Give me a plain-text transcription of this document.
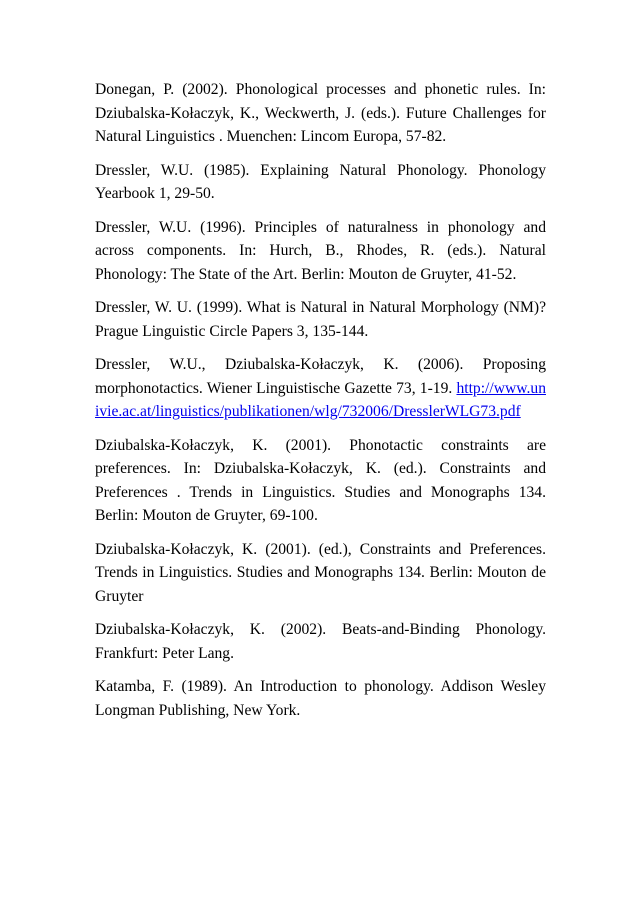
Donegan, P. (2002). Phonological processes and phonetic rules. In: Dziubalska-Kołaczyk, K., Weckwerth, J. (eds.). Future Challenges for Natural Linguistics . Muenchen: Lincom Europa, 57-82.
Dressler, W.U. (1985). Explaining Natural Phonology. Phonology Yearbook 1, 29-50.
Dressler, W.U. (1996). Principles of naturalness in phonology and across components. In: Hurch, B., Rhodes, R. (eds.). Natural Phonology: The State of the Art. Berlin: Mouton de Gruyter, 41-52.
Dressler, W. U. (1999). What is Natural in Natural Morphology (NM)? Prague Linguistic Circle Papers 3, 135-144.
Dressler, W.U., Dziubalska-Kołaczyk, K. (2006). Proposing morphonotactics. Wiener Linguistische Gazette 73, 1-19. http://www.univie.ac.at/linguistics/publikationen/wlg/732006/DresslerWLG73.pdf
Dziubalska-Kołaczyk, K. (2001). Phonotactic constraints are preferences. In: Dziubalska-Kołaczyk, K. (ed.). Constraints and Preferences . Trends in Linguistics. Studies and Monographs 134. Berlin: Mouton de Gruyter, 69-100.
Dziubalska-Kołaczyk, K. (2001). (ed.), Constraints and Preferences. Trends in Linguistics. Studies and Monographs 134. Berlin: Mouton de Gruyter
Dziubalska-Kołaczyk, K. (2002). Beats-and-Binding Phonology. Frankfurt: Peter Lang.
Katamba, F. (1989). An Introduction to phonology. Addison Wesley Longman Publishing, New York.
